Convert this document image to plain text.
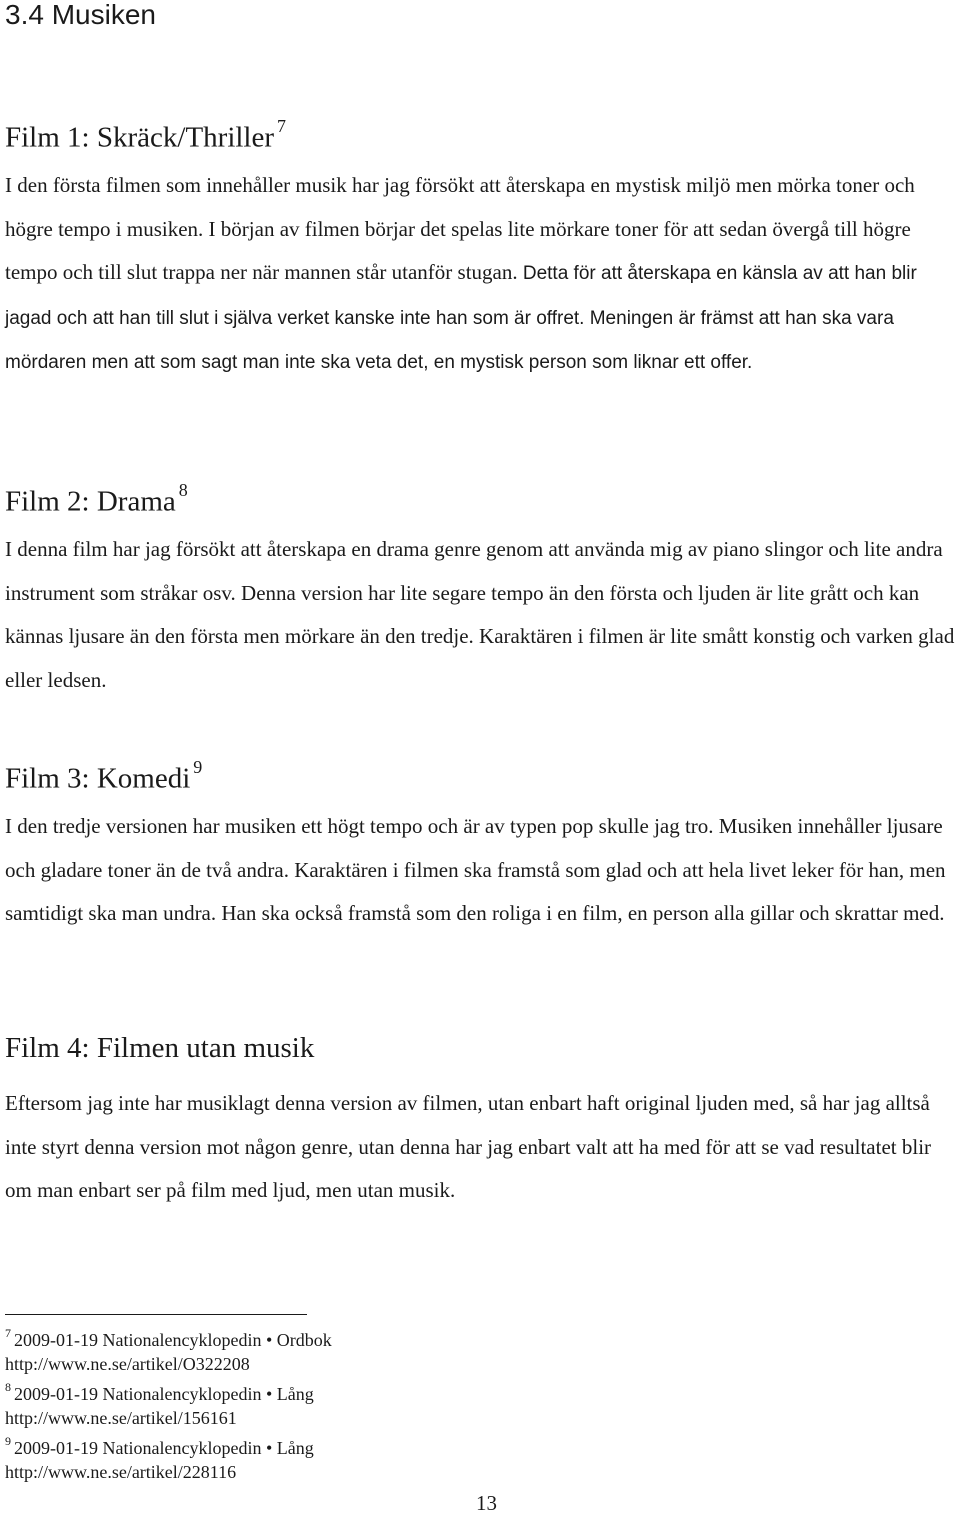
3.4 Musiken
Film 1: Skräck/Thriller $^7$

I den första filmen som innehåller musik har jag försökt att återskapa en mystisk miljö men mörka toner och högre tempo i musiken. I början av filmen börjar det spelas lite mörkare toner för att sedan övergå till högre tempo och till slut trappa ner när mannen står utanför stugan. Detta för att återskapa en känsla av att han blir jagad och att han till slut i själva verket kanske inte han som är offret. Meningen är främst att han ska vara mördaren men att som sagt man inte ska veta det, en mystisk person som liknar ett offer.

Film 2: Drama $^8$

I denna film har jag försökt att återskapa en drama genre genom att använda mig av piano slingor och lite andra instrument som stråkar osv. Denna version har lite segare tempo än den första och ljuden är lite grått och kan kännas ljusare än den första men mörkare än den tredje. Karaktären i filmen är lite smått konstig och varken glad eller ledsen.

Film 3: Komedi $^9$

I den tredje versionen har musiken ett högt tempo och är av typen pop skulle jag tro. Musiken innehåller ljusare och gladare toner än de två andra. Karaktären i filmen ska framstå som glad och att hela livet leker för han, men samtidigt ska man undra. Han ska också framstå som den roliga i en film, en person alla gillar och skrattar med.

Film 4: Filmen utan musik

Eftersom jag inte har musiklagt denna version av filmen, utan enbart haft original ljuden med, så har jag alltså inte styrt denna version mot någon genre, utan denna har jag enbart valt att ha med för att se vad resultatet blir om man enbart ser på film med ljud, men utan musik.

$^7$ 2009-01-19 Nationalencyklopedin • Ordbok
http://www.ne.se/artikel/O322208
$^8$ 2009-01-19 Nationalencyklopedin • Lång
http://www.ne.se/artikel/156161
$^9$ 2009-01-19 Nationalencyklopedin • Lång
http://www.ne.se/artikel/228116
13
